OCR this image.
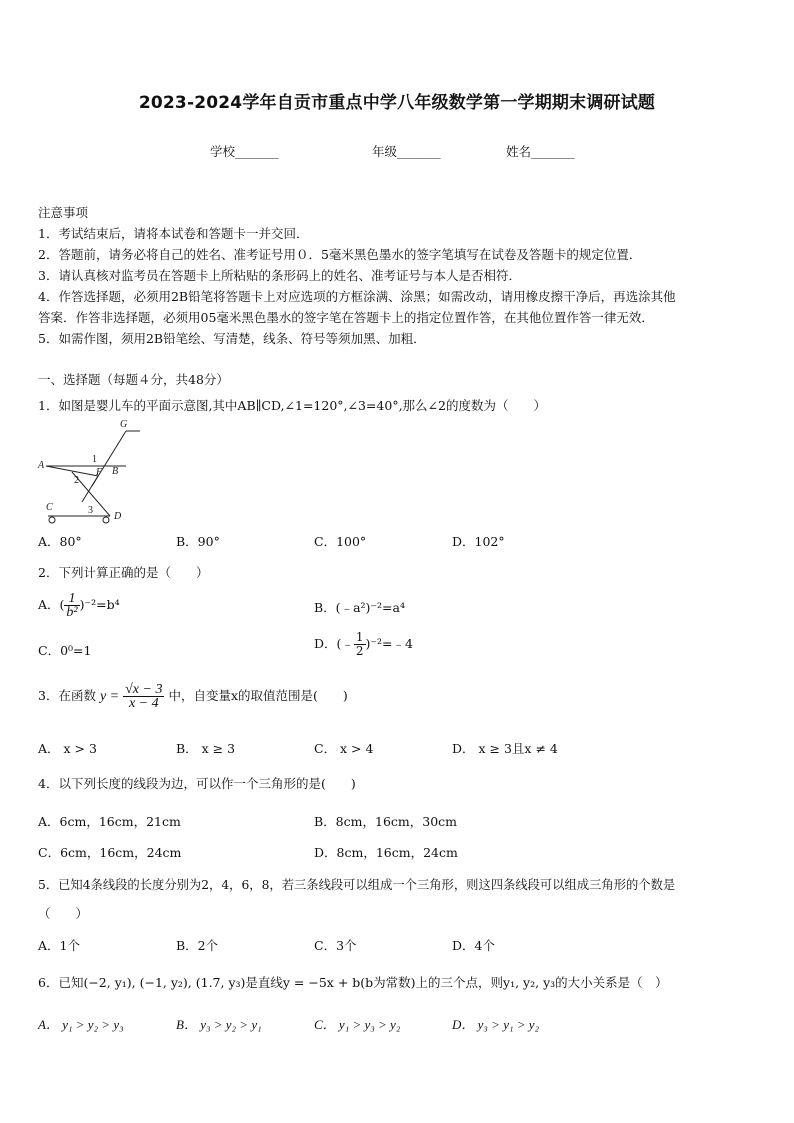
2023-2024学年自贡市重点中学八年级数学第一学期期末调研试题
学校_______	年级_______	姓名_______
注意事项
1．考试结束后，请将本试卷和答题卡一并交回．
2．答题前，请务必将自己的姓名、准考证号用０．5毫米黑色墨水的签字笔填写在试卷及答题卡的规定位置．
3．请认真核对监考员在答题卡上所粘贴的条形码上的姓名、准考证号与本人是否相符．
4．作答选择题，必须用2B铅笔将答题卡上对应选项的方框涂满、涂黑；如需改动，请用橡皮擦干净后，再选涂其他
答案．作答非选择题，必须用05毫米黑色墨水的签字笔在答题卡上的指定位置作答，在其他位置作答一律无效．
5．如需作图，须用2B铅笔绘、写清楚，线条、符号等须加黑、加粗．
一、选择题（每题４分，共48分）
1．如图是婴儿车的平面示意图,其中AB∥CD,∠1=120°,∠3=40°,那么∠2的度数为（　　）
G
A
1
B
2
F
C	3
D
A．80°	B．90°	C．100°	D．102°
2．下列计算正确的是（　　）
A．( $\frac{1}{\text{b²}} )^{-2}=b^4$	B．(﹣a²)⁻²=a⁴
C．0⁰=1	D．(﹣ $\frac{1}{2}$ )⁻²=﹣4
3．在函数 $y = \frac{√x - 3}{x - 4}$ 中，自变量x的取值范围是(　　)
A． x > 3	B． x ≥ 3	C． x > 4	D． x ≥ 3且x ≠ 4
4．以下列长度的线段为边，可以作一个三角形的是(　　)
A．6cm，16cm，21cm	B．8cm，16cm，30cm
C．6cm，16cm，24cm	D．8cm，16cm，24cm
5．已知4条线段的长度分别为2，4，6，8，若三条线段可以组成一个三角形，则这四条线段可以组成三角形的个数是
（　　）
A．1个	B．2个	C．3个	D．4个
6．已知(−2, y₁), (−1, y₂), (1.7, y₃)是直线y = −5x + b(b为常数)上的三个点，则y₁, y₂, y₃的大小关系是（　）
A． y₁ > y₂ > y₃	B． y₃ > y₂ > y₁	C． y₁ > y₃ > y₂	D． y₃ > y₁ > y₂
